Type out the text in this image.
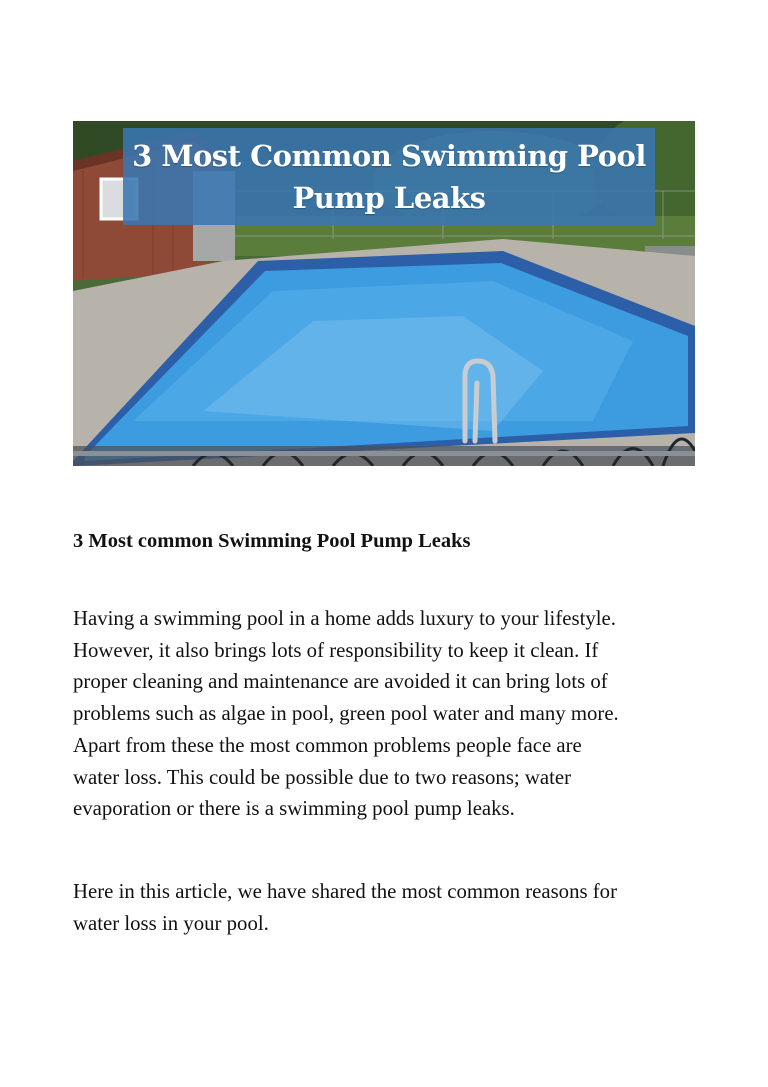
3 Most Common Swimming Pool
Pump Leaks
3 Most common Swimming Pool Pump Leaks

Having a swimming pool in a home adds luxury to your lifestyle.
However, it also brings lots of responsibility to keep it clean. If
proper cleaning and maintenance are avoided it can bring lots of
problems such as algae in pool, green pool water and many more.
Apart from these the most common problems people face are
water loss. This could be possible due to two reasons; water
evaporation or there is a swimming pool pump leaks.

Here in this article, we have shared the most common reasons for
water loss in your pool.
